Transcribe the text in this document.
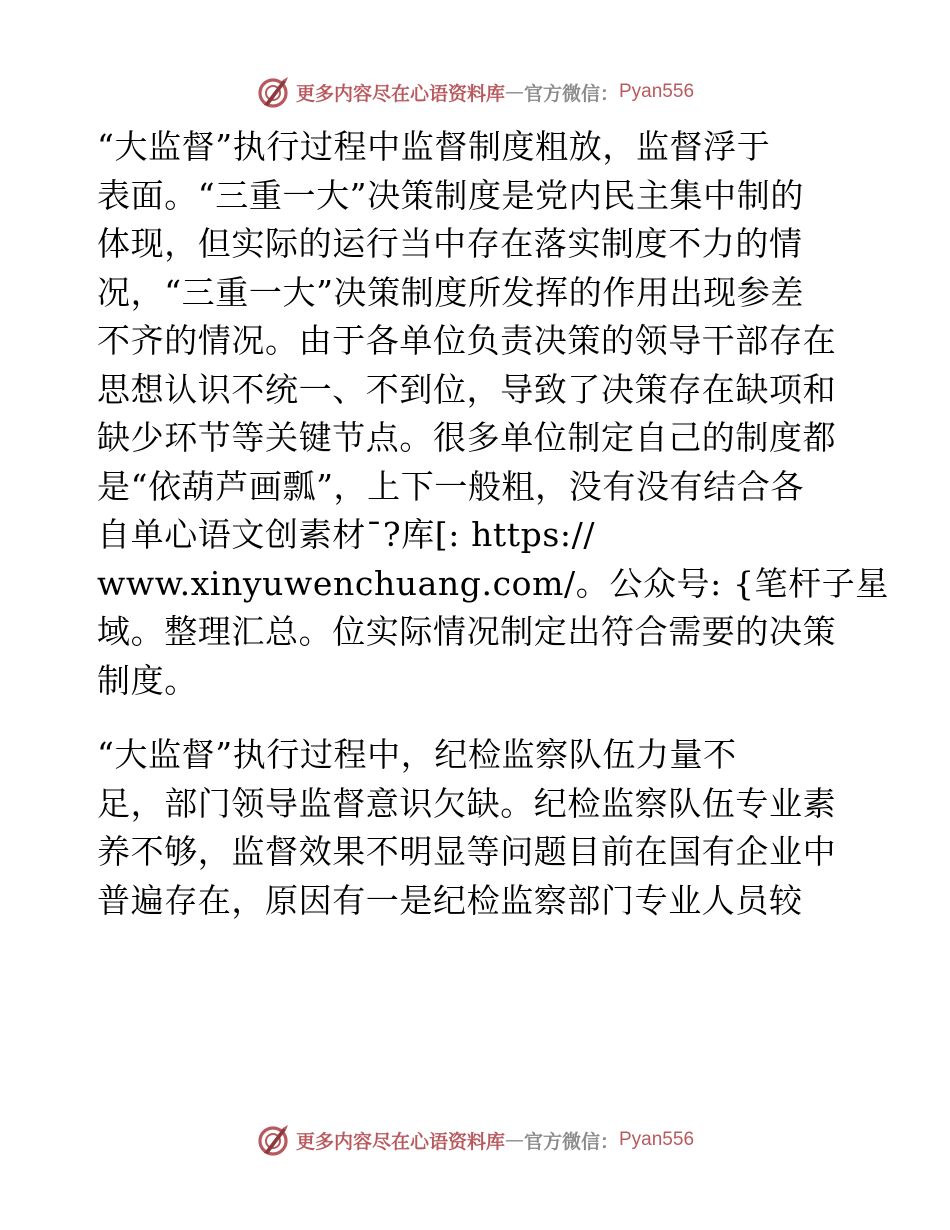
更多内容尽在心语资料库 — 官方微信： Pyan556

“大监督”执行过程中监督制度粗放，监督浮于
表面。“三重一大”决策制度是党内民主集中制的
体现，但实际的运行当中存在落实制度不力的情
况，“三重一大”决策制度所发挥的作用出现参差
不齐的情况。由于各单位负责决策的领导干部存在
思想认识不统一、不到位，导致了决策存在缺项和
缺少环节等关键节点。很多单位制定自己的制度都
是“依葫芦画瓢”，上下一般粗，没有没有结合各
自单心语文创素材¯?库[: https://
www.xinyuwenchuang.com/。公众号: {笔杆子星
域。整理汇总。位实际情况制定出符合需要的决策
制度。

“大监督”执行过程中，纪检监察队伍力量不
足，部门领导监督意识欠缺。纪检监察队伍专业素
养不够，监督效果不明显等问题目前在国有企业中
普遍存在，原因有一是纪检监察部门专业人员较

更多内容尽在心语资料库 — 官方微信： Pyan556
